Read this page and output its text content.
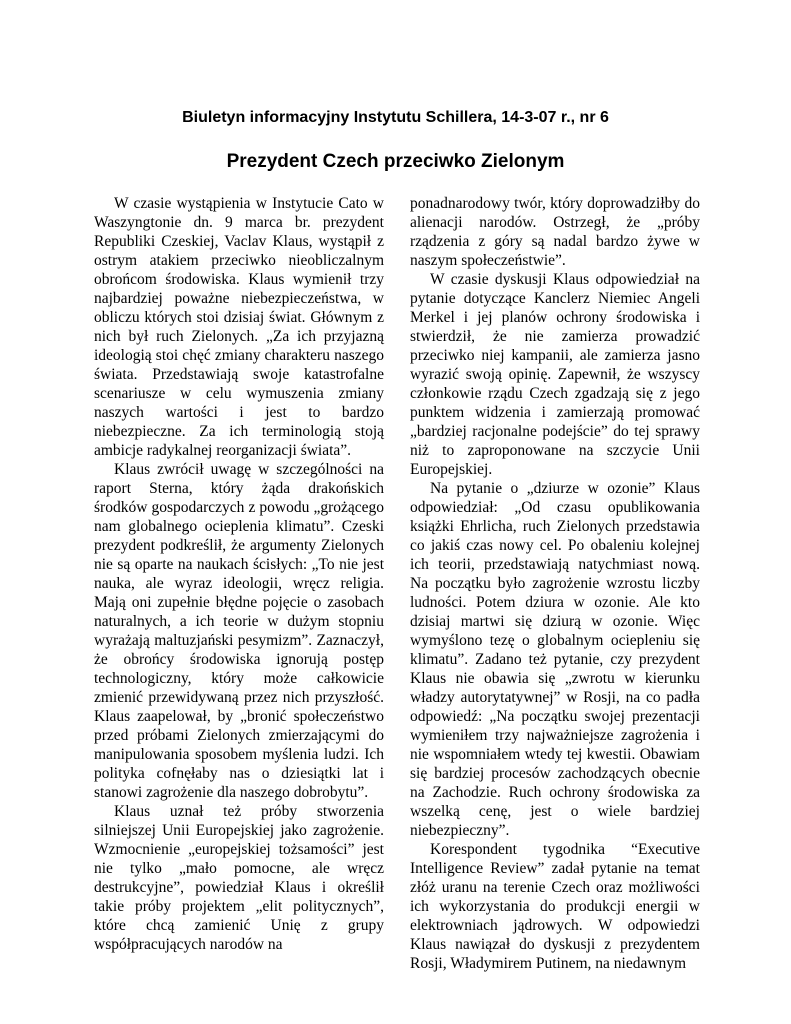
Biuletyn informacyjny Instytutu Schillera, 14-3-07 r., nr 6
Prezydent Czech przeciwko Zielonym

W czasie wystąpienia w Instytucie Cato w Waszyngtonie dn. 9 marca br. prezydent Republiki Czeskiej, Vaclav Klaus, wystąpił z ostrym atakiem przeciwko nieobliczalnym obrońcom środowiska. Klaus wymienił trzy najbardziej poważne niebezpieczeństwa, w obliczu których stoi dzisiaj świat. Głównym z nich był ruch Zielonych. „Za ich przyjazną ideologią stoi chęć zmiany charakteru naszego świata. Przedstawiają swoje katastrofalne scenariusze w celu wymuszenia zmiany naszych wartości i jest to bardzo niebezpieczne. Za ich terminologią stoją ambicje radykalnej reorganizacji świata”.

Klaus zwrócił uwagę w szczególności na raport Sterna, który żąda drakońskich środków gospodarczych z powodu „grożącego nam globalnego ocieplenia klimatu”. Czeski prezydent podkreślił, że argumenty Zielonych nie są oparte na naukach ścisłych: „To nie jest nauka, ale wyraz ideologii, wręcz religia. Mają oni zupełnie błędne pojęcie o zasobach naturalnych, a ich teorie w dużym stopniu wyrażają maltuzjański pesymizm”. Zaznaczył, że obrońcy środowiska ignorują postęp technologiczny, który może całkowicie zmienić przewidywaną przez nich przyszłość. Klaus zaapelował, by „bronić społeczeństwo przed próbami Zielonych zmierzającymi do manipulowania sposobem myślenia ludzi. Ich polityka cofnęłaby nas o dziesiątki lat i stanowi zagrożenie dla naszego dobrobytu”.

Klaus uznał też próby stworzenia silniejszej Unii Europejskiej jako zagrożenie. Wzmocnienie „europejskiej tożsamości” jest nie tylko „mało pomocne, ale wręcz destrukcyjne”, powiedział Klaus i określił takie próby projektem „elit politycznych”, które chcą zamienić Unię z grupy współpracujących narodów na

ponadnarodowy twór, który doprowadziłby do alienacji narodów. Ostrzegł, że „próby rządzenia z góry są nadal bardzo żywe w naszym społeczeństwie”.

W czasie dyskusji Klaus odpowiedział na pytanie dotyczące Kanclerz Niemiec Angeli Merkel i jej planów ochrony środowiska i stwierdził, że nie zamierza prowadzić przeciwko niej kampanii, ale zamierza jasno wyrazić swoją opinię. Zapewnił, że wszyscy członkowie rządu Czech zgadzają się z jego punktem widzenia i zamierzają promować „bardziej racjonalne podejście” do tej sprawy niż to zaproponowane na szczycie Unii Europejskiej.

Na pytanie o „dziurze w ozonie” Klaus odpowiedział: „Od czasu opublikowania książki Ehrlicha, ruch Zielonych przedstawia co jakiś czas nowy cel. Po obaleniu kolejnej ich teorii, przedstawiają natychmiast nową. Na początku było zagrożenie wzrostu liczby ludności. Potem dziura w ozonie. Ale kto dzisiaj martwi się dziurą w ozonie. Więc wymyślono tezę o globalnym ociepleniu się klimatu”. Zadano też pytanie, czy prezydent Klaus nie obawia się „zwrotu w kierunku władzy autorytatywnej” w Rosji, na co padła odpowiedź: „Na początku swojej prezentacji wymieniłem trzy najważniejsze zagrożenia i nie wspomniałem wtedy tej kwestii. Obawiam się bardziej procesów zachodzących obecnie na Zachodzie. Ruch ochrony środowiska za wszelką cenę, jest o wiele bardziej niebezpieczny”.

Korespondent tygodnika “Executive Intelligence Review” zadał pytanie na temat złóż uranu na terenie Czech oraz możliwości ich wykorzystania do produkcji energii w elektrowniach jądrowych. W odpowiedzi Klaus nawiązał do dyskusji z prezydentem Rosji, Władymirem Putinem, na niedawnym
